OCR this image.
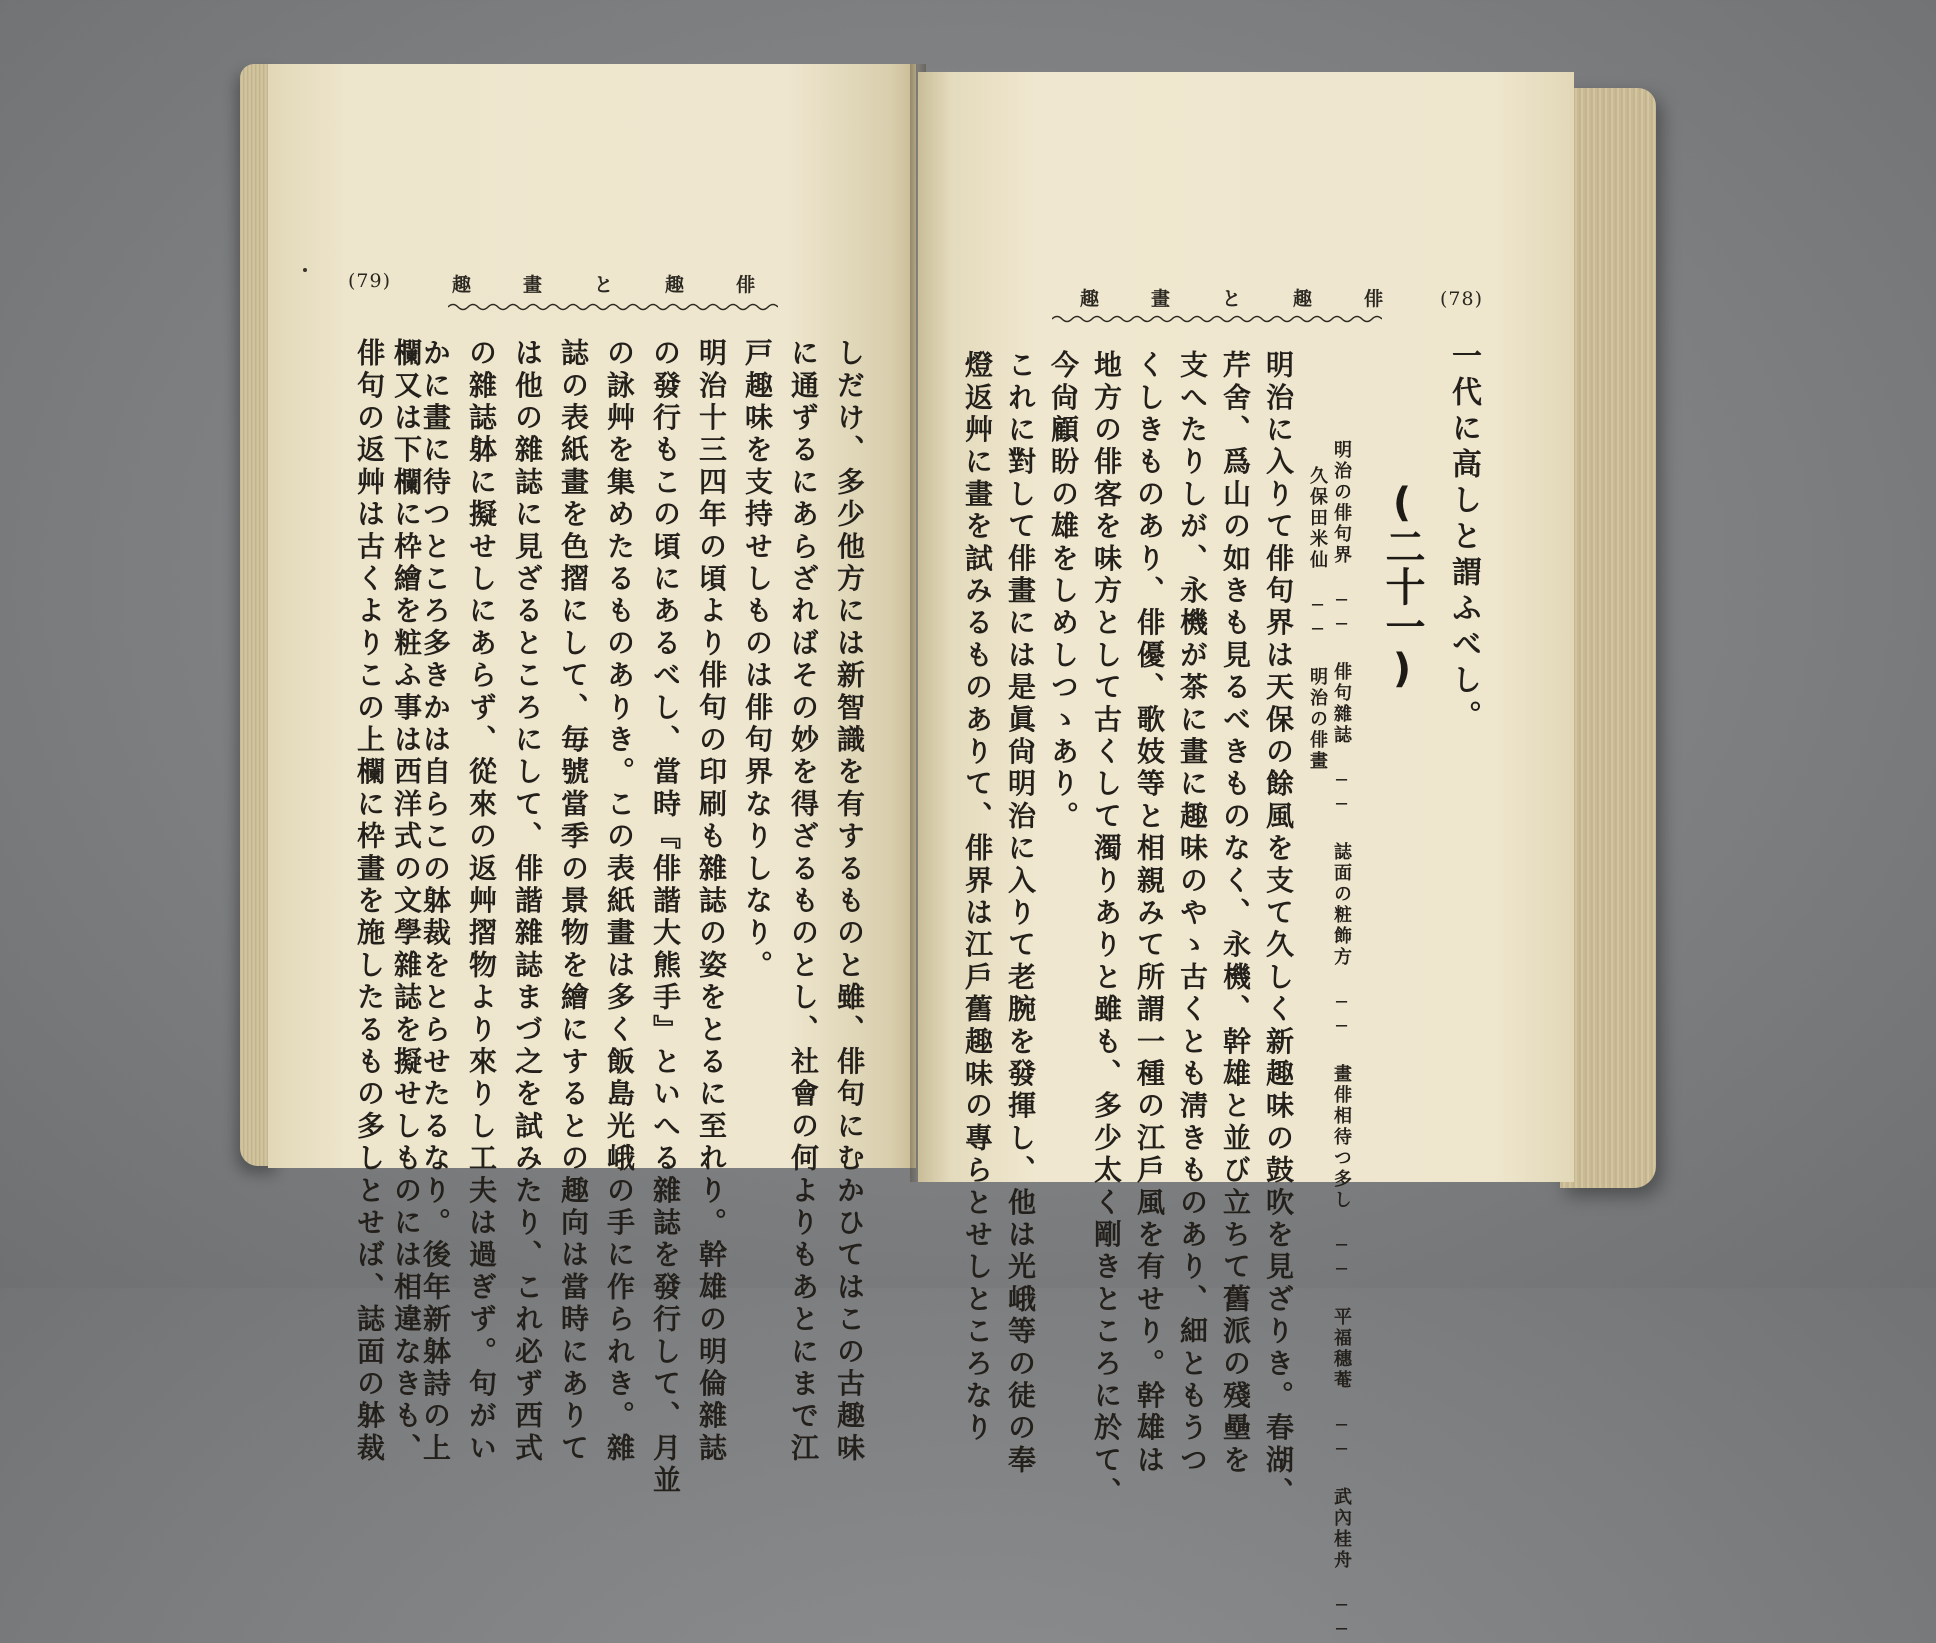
(79)	趣畫と趣俳
しだけ、多少他方には新智識を有するものと雖、俳句にむかひてはこの古趣味
に通ずるにあらざればその妙を得ざるものとし、社會の何よりもあとにまで江
戸趣味を支持せしものは俳句界なりしなり。
明治十三四年の頃より俳句の印刷も雜誌の姿をとるに至れり。幹雄の明倫雜誌
の發行もこの頃にあるべし、當時『俳諧大熊手』といへる雜誌を發行して、月並
の詠艸を集めたるものありき。この表紙畫は多く飯島光峨の手に作られき。雜
誌の表紙畫を色摺にして、毎號當季の景物を繪にするとの趣向は當時にありて
は他の雜誌に見ざるところにして、俳諧雜誌まづ之を試みたり、これ必ず西式
の雜誌躰に擬せしにあらず、從來の返艸摺物より來りし工夫は過ぎず。句がい
かに畫に待つところ多きかは自らこの躰裁をとらせたるなり。後年新躰詩の上
欄又は下欄に枠繪を粧ふ事は西洋式の文學雜誌を擬せしものには相違なきも、
俳句の返艸は古くよりこの上欄に枠畫を施したるもの多しとせば、誌面の躰裁
趣畫と趣俳 (78)
一代に高しと謂ふべし。
(二十一)
明治の俳句界 ── 俳句雜誌 ── 誌面の粧飾方 ── 畫俳相待つ多し ── 平福穗菴 ── 武內桂舟 ──
久保田米仙 ── 明治の俳畫
明治に入りて俳句界は天保の餘風を支て久しく新趣味の鼓吹を見ざりき。春湖、
芹舍、爲山の如きも見るべきものなく、永機、幹雄と並び立ちて舊派の殘壘を
支へたりしが、永機が茶に畫に趣味のやゝ古くとも淸きものあり、細ともうつ
くしきものあり、俳優、歌妓等と相親みて所謂一種の江戶風を有せり。幹雄は
地方の俳客を味方として古くして濁りありと雖も、多少太く剛きところに於て、
今尙顧盼の雄をしめしつゝあり。
これに對して俳畫には是眞尙明治に入りて老腕を發揮し、他は光峨等の徒の奉
燈返艸に畫を試みるものありて、俳界は江戶舊趣味の專らとせしところなり
